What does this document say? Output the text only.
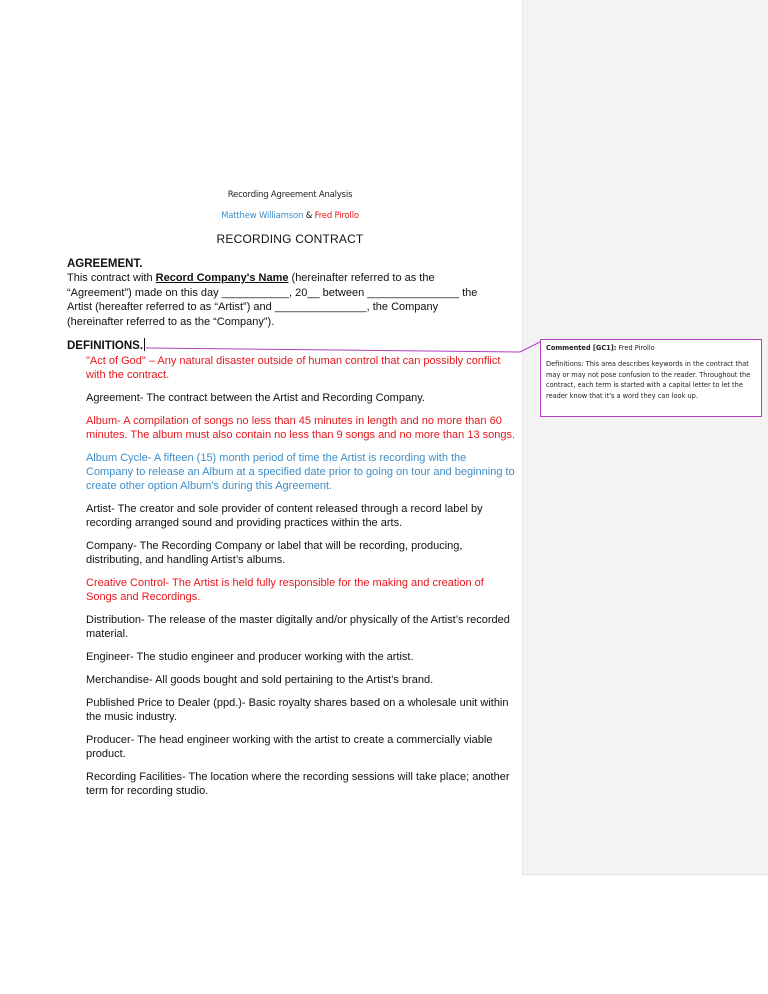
Recording Agreement Analysis
Matthew Williamson & Fred Pirollo
RECORDING CONTRACT
AGREEMENT.
This contract with Record Company's Name (hereinafter referred to as the
“Agreement”) made on this day ___________, 20__ between _______________ the
Artist (hereafter referred to as “Artist”) and _______________, the Company
(hereinafter referred to as the “Company”).
DEFINITIONS.

"Act of God" – Any natural disaster outside of human control that can possibly conflict with the contract.

Agreement- The contract between the Artist and Recording Company.

Album- A compilation of songs no less than 45 minutes in length and no more than 60 minutes. The album must also contain no less than 9 songs and no more than 13 songs.

Album Cycle- A fifteen (15) month period of time the Artist is recording with the Company to release an Album at a specified date prior to going on tour and beginning to create other option Album's during this Agreement.

Artist- The creator and sole provider of content released through a record label by recording arranged sound and providing practices within the arts.

Company- The Recording Company or label that will be recording, producing, distributing, and handling Artist’s albums.

Creative Control- The Artist is held fully responsible for the making and creation of Songs and Recordings.

Distribution- The release of the master digitally and/or physically of the Artist’s recorded material.

Engineer- The studio engineer and producer working with the artist.

Merchandise- All goods bought and sold pertaining to the Artist’s brand.

Published Price to Dealer (ppd.)- Basic royalty shares based on a wholesale unit within the music industry.

Producer- The head engineer working with the artist to create a commercially viable product.

Recording Facilities- The location where the recording sessions will take place; another term for recording studio.

Commented [GC1]: Fred Pirollo
Definitions: This area describes keywords in the contract that may or may not pose confusion to the reader. Throughout the contract, each term is started with a capital letter to let the reader know that it's a word they can look up.
